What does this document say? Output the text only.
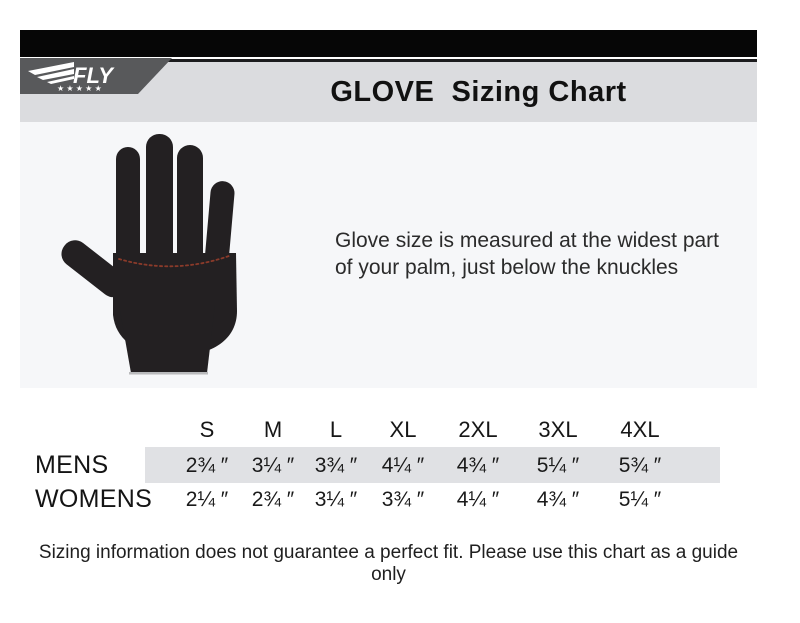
GLOVE  Sizing Chart
FLY
★ ★ ★ ★ ★
Glove size is measured at the widest part
of your palm, just below the knuckles
S	M	L	XL	2XL	3XL	4XL
MENS	2¾ ″	3¼ ″ 3¾ ″	4¼ ″	4¾ ″	5¼ ″	5¾ ″
WOMENS	2¼ ″	2¾ ″ 3¼ ″	3¾ ″	4¼ ″	4¾ ″	5¼ ″
Sizing information does not guarantee a perfect fit. Please use this chart as a guide only
